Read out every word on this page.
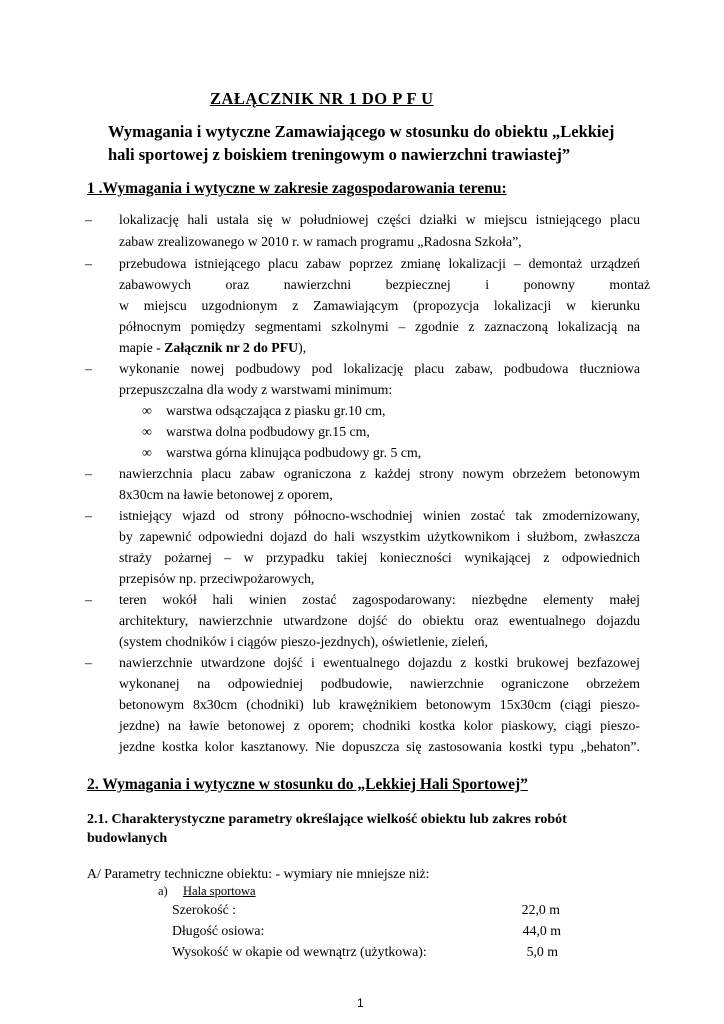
ZAŁĄCZNIK NR 1 DO P F U
Wymagania i wytyczne Zamawiającego w stosunku do obiektu „Lekkiej
hali sportowej z boiskiem treningowym o nawierzchni trawiastej”
1 .Wymagania i wytyczne w zakresie zagospodarowania terenu:
– lokalizację hali ustala się w południowej części działki w miejscu istniejącego placu
zabaw zrealizowanego w 2010 r. w ramach programu „Radosna Szkoła”,
– przebudowa istniejącego placu zabaw poprzez zmianę lokalizacji – demontaż urządzeń
zabawowych          oraz          nawierzchni          bezpiecznej          i          ponowny          montaż
w miejscu uzgodnionym z Zamawiającym (propozycja lokalizacji w kierunku
północnym pomiędzy segmentami szkolnymi – zgodnie z zaznaczoną lokalizacją na
mapie - Załącznik nr 2 do PFU),
– wykonanie nowej podbudowy pod lokalizację placu zabaw, podbudowa tłuczniowa
przepuszczalna dla wody z warstwami minimum:
∞ warstwa odsączająca z piasku gr.10 cm,
∞ warstwa dolna podbudowy gr.15 cm,
∞ warstwa górna klinująca podbudowy gr. 5 cm,
– nawierzchnia placu zabaw ograniczona z każdej strony nowym obrzeżem betonowym
8x30cm na ławie betonowej z oporem,
– istniejący wjazd od strony północno-wschodniej winien zostać tak zmodernizowany,
by zapewnić odpowiedni dojazd do hali wszystkim użytkownikom i służbom, zwłaszcza
straży pożarnej – w przypadku takiej konieczności wynikającej z odpowiednich
przepisów np. przeciwpożarowych,
– teren wokół hali winien zostać zagospodarowany: niezbędne elementy małej
architektury, nawierzchnie utwardzone dojść do obiektu oraz ewentualnego dojazdu
(system chodników i ciągów pieszo-jezdnych), oświetlenie, zieleń,
– nawierzchnie utwardzone dojść i ewentualnego dojazdu z kostki brukowej bezfazowej
wykonanej na odpowiedniej podbudowie, nawierzchnie ograniczone obrzeżem
betonowym 8x30cm (chodniki) lub krawężnikiem betonowym 15x30cm (ciągi pieszo-
jezdne) na ławie betonowej z oporem; chodniki kostka kolor piaskowy, ciągi pieszo-
jezdne kostka kolor kasztanowy. Nie dopuszcza się zastosowania kostki typu „behaton”.
2. Wymagania i wytyczne w stosunku do „Lekkiej Hali Sportowej”
2.1. Charakterystyczne parametry określające wielkość obiektu lub zakres robót
budowlanych
A/ Parametry techniczne obiektu: - wymiary nie mniejsze niż:
a) Hala sportowa
Szerokość :	22,0 m
Długość osiowa:	44,0 m
Wysokość w okapie od wewnątrz (użytkowa):	5,0 m
1
